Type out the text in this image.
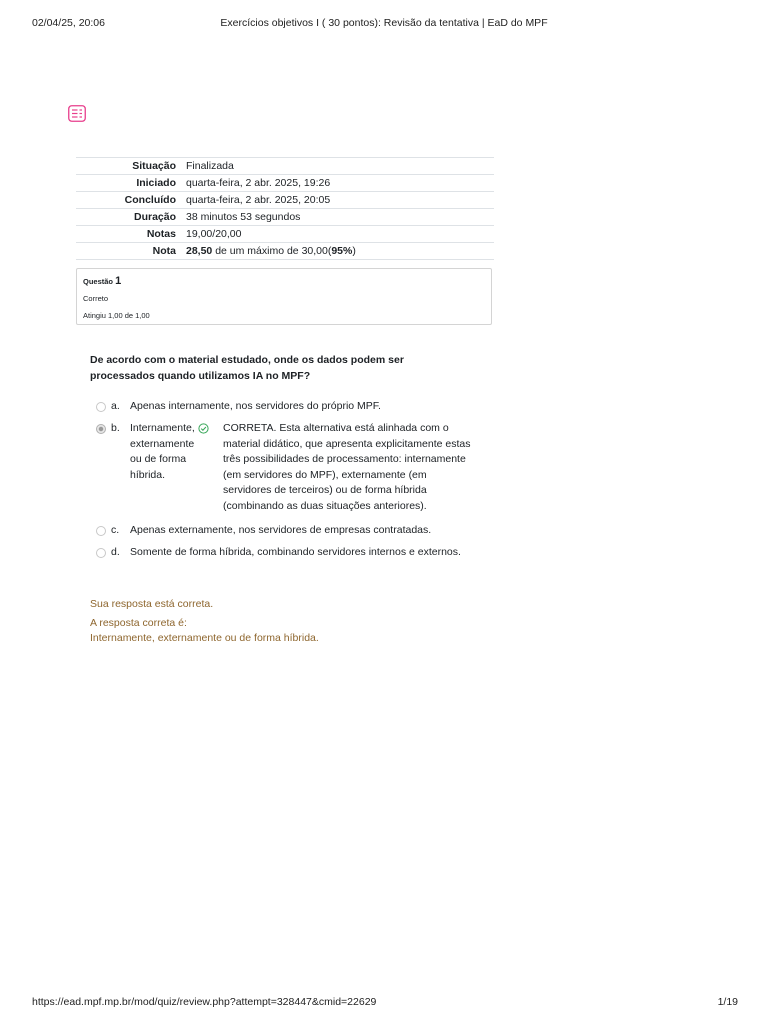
02/04/25, 20:06	Exercícios objetivos I ( 30 pontos): Revisão da tentativa | EaD do MPF
Situação	Finalizada
Iniciado	quarta-feira, 2 abr. 2025, 19:26
Concluído	quarta-feira, 2 abr. 2025, 20:05
Duração	38 minutos 53 segundos
Notas	19,00/20,00
Nota	28,50 de um máximo de 30,00(95%)
Questão 1
Correto
Atingiu 1,00 de 1,00
De acordo com o material estudado, onde os dados podem ser processados quando utilizamos IA no MPF?
a. Apenas internamente, nos servidores do próprio MPF.
b. Internamente, externamente ou de forma híbrida.
CORRETA. Esta alternativa está alinhada com o material didático, que apresenta explicitamente estas três possibilidades de processamento: internamente (em servidores do MPF), externamente (em servidores de terceiros) ou de forma híbrida (combinando as duas situações anteriores).
c. Apenas externamente, nos servidores de empresas contratadas.
d. Somente de forma híbrida, combinando servidores internos e externos.
Sua resposta está correta.
A resposta correta é:
Internamente, externamente ou de forma híbrida.
https://ead.mpf.mp.br/mod/quiz/review.php?attempt=328447&cmid=22629	1/19
